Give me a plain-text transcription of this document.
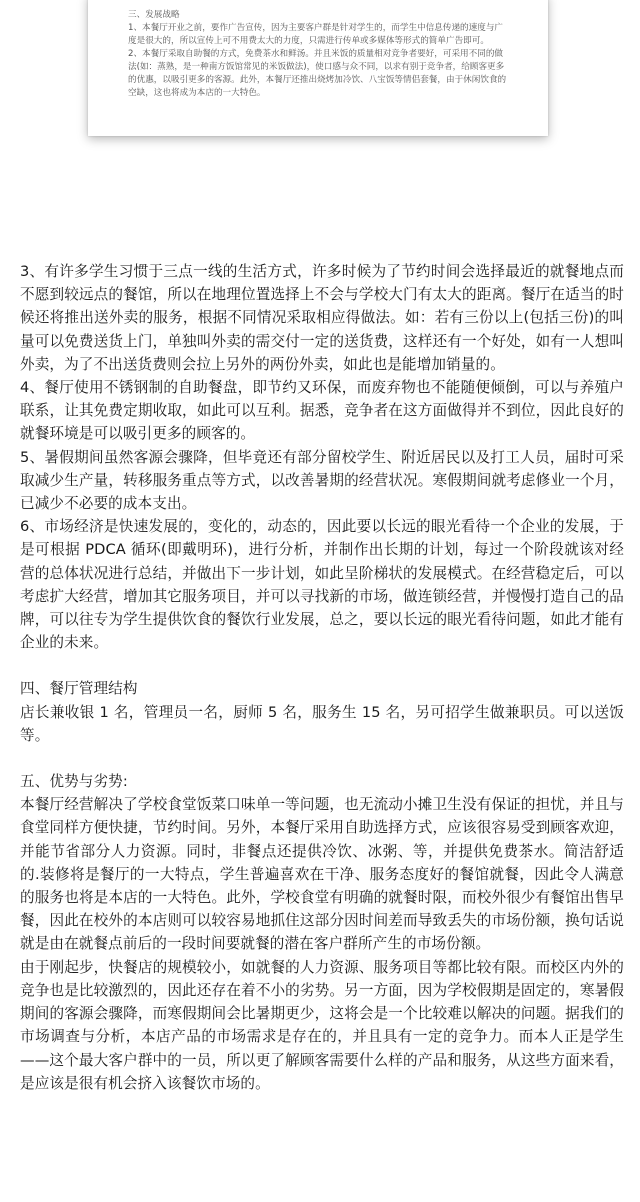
三、发展战略

1、本餐厅开业之前，要作广告宣传，因为主要客户群是针对学生的，而学生中信息传递的速度与广度是很大的，所以宣传上可不用费太大的力度，只需进行传单或多媒体等形式的简单广告即可。

2、本餐厅采取自助餐的方式，免费茶水和鲜汤。并且米饭的质量相对竞争者要好，可采用不同的做法(如：蒸熟，是一种南方饭馆常见的米饭做法)，使口感与众不同，以求有别于竞争者，给顾客更多的优惠，以吸引更多的客源。此外，本餐厅还推出烧烤加冷饮、八宝饭等情侣套餐，由于休闲饮食的空缺，这也将成为本店的一大特色。

3、有许多学生习惯于三点一线的生活方式，许多时候为了节约时间会选择最近的就餐地点而不愿到较远点的餐馆，所以在地理位置选择上不会与学校大门有太大的距离。餐厅在适当的时候还将推出送外卖的服务，根据不同情况采取相应得做法。如：若有三份以上(包括三份)的叫量可以免费送货上门，单独叫外卖的需交付一定的送货费，这样还有一个好处，如有一人想叫外卖，为了不出送货费则会拉上另外的两份外卖，如此也是能增加销量的。

4、餐厅使用不锈钢制的自助餐盘，即节约又环保，而废弃物也不能随便倾倒，可以与养殖户联系，让其免费定期收取，如此可以互利。据悉，竞争者在这方面做得并不到位，因此良好的就餐环境是可以吸引更多的顾客的。

5、暑假期间虽然客源会骤降，但毕竟还有部分留校学生、附近居民以及打工人员，届时可采取减少生产量，转移服务重点等方式，以改善暑期的经营状况。寒假期间就考虑修业一个月，已减少不必要的成本支出。

6、市场经济是快速发展的，变化的，动态的，因此要以长远的眼光看待一个企业的发展，于是可根据 PDCA 循环(即戴明环)，进行分析，并制作出长期的计划，每过一个阶段就该对经营的总体状况进行总结，并做出下一步计划，如此呈阶梯状的发展模式。在经营稳定后，可以考虑扩大经营，增加其它服务项目，并可以寻找新的市场，做连锁经营，并慢慢打造自己的品牌，可以往专为学生提供饮食的餐饮行业发展，总之，要以长远的眼光看待问题，如此才能有企业的未来。

四、餐厅管理结构

店长兼收银 1 名，管理员一名，厨师 5 名，服务生 15 名，另可招学生做兼职员。可以送饭等。

五、优势与劣势:

本餐厅经营解决了学校食堂饭菜口味单一等问题，也无流动小摊卫生没有保证的担忧，并且与食堂同样方便快捷，节约时间。另外，本餐厅采用自助选择方式，应该很容易受到顾客欢迎，并能节省部分人力资源。同时，非餐点还提供冷饮、冰粥、等，并提供免费茶水。简洁舒适的.装修将是餐厅的一大特点，学生普遍喜欢在干净、服务态度好的餐馆就餐，因此令人满意的服务也将是本店的一大特色。此外，学校食堂有明确的就餐时限，而校外很少有餐馆出售早餐，因此在校外的本店则可以较容易地抓住这部分因时间差而导致丢失的市场份额，换句话说就是由在就餐点前后的一段时间要就餐的潜在客户群所产生的市场份额。

由于刚起步，快餐店的规模较小，如就餐的人力资源、服务项目等都比较有限。而校区内外的竞争也是比较激烈的，因此还存在着不小的劣势。另一方面，因为学校假期是固定的，寒暑假期间的客源会骤降，而寒假期间会比暑期更少，这将会是一个比较难以解决的问题。据我们的市场调查与分析，本店产品的市场需求是存在的，并且具有一定的竞争力。而本人正是学生——这个最大客户群中的一员，所以更了解顾客需要什么样的产品和服务，从这些方面来看，是应该是很有机会挤入该餐饮市场的。
